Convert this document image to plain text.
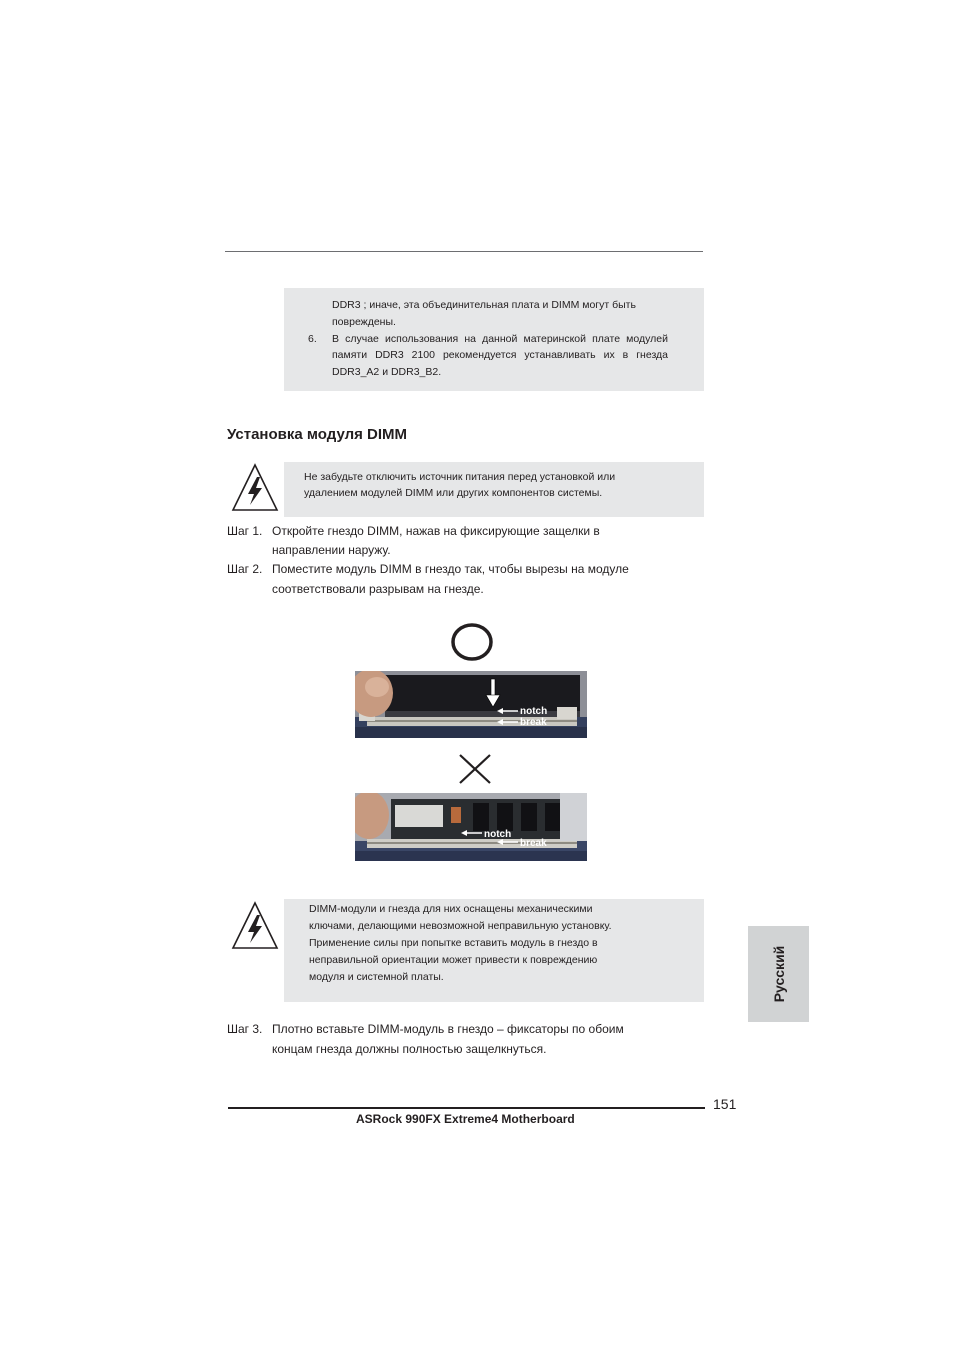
DDR3 ; иначе, эта объединительная плата и DIMM могут быть
повреждены.
6. В случае использования на данной материнской плате модулей
памяти DDR3 2100 рекомендуется устанавливать их в гнезда
DDR3_A2 и DDR3_B2.
Установка модуля DIMM
Не забудьте отключить источник питания перед установкой или
удалением модулей DIMM или других компонентов системы.
Шаг 1. Откройте гнездо DIMM, нажав на фиксирующие защелки в
направлении наружу.
Шаг 2. Поместите модуль DIMM в гнездо так, чтобы вырезы на модуле
соответствовали разрывам на гнезде.
notch
break
notch
break
DIMM-модули и гнезда для них оснащены механическими
ключами, делающими невозможной неправильную установку.
Применение силы при попытке вставить модуль в гнездо в
неправильной ориентации может привести к повреждению
модуля и системной платы.	Русский
Шаг 3. Плотно вставьте DIMM-модуль в гнездо – фиксаторы по обоим
концам гнезда должны полностью защелкнуться.
151
ASRock 990FX Extreme4 Motherboard
